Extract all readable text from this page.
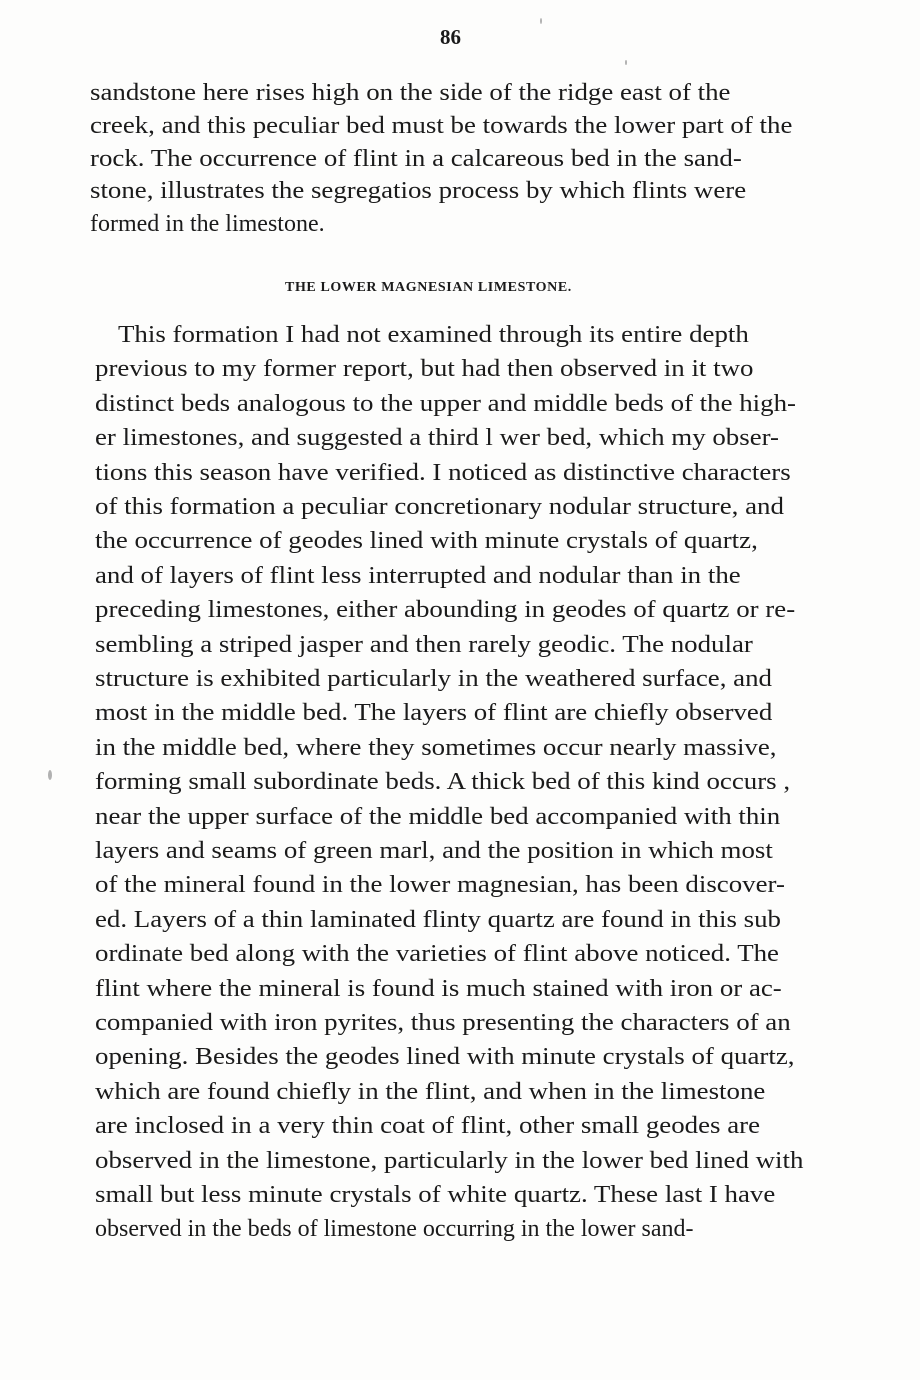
86
sandstone here rises high on the side of the ridge east of the
creek, and this peculiar bed must be towards the lower part of the
rock. The occurrence of flint in a calcareous bed in the sand-
stone, illustrates the segregatios process by which flints were
formed in the limestone.
This formation I had not examined through its entire depth
previous to my former report, but had then observed in it two
distinct beds analogous to the upper and middle beds of the high-
er limestones, and suggested a third l wer bed, which my obser-
tions this season have verified. I noticed as distinctive characters
of this formation a peculiar concretionary nodular structure, and
the occurrence of geodes lined with minute crystals of quartz,
and of layers of flint less interrupted and nodular than in the
preceding limestones, either abounding in geodes of quartz or re-
sembling a striped jasper and then rarely geodic. The nodular
structure is exhibited particularly in the weathered surface, and
most in the middle bed. The layers of flint are chiefly observed
in the middle bed, where they sometimes occur nearly massive,
forming small subordinate beds. A thick bed of this kind occurs ,
near the upper surface of the middle bed accompanied with thin
layers and seams of green marl, and the position in which most
of the mineral found in the lower magnesian, has been discover-
ed. Layers of a thin laminated flinty quartz are found in this sub
ordinate bed along with the varieties of flint above noticed. The
flint where the mineral is found is much stained with iron or ac-
companied with iron pyrites, thus presenting the characters of an
opening. Besides the geodes lined with minute crystals of quartz,
which are found chiefly in the flint, and when in the limestone
are inclosed in a very thin coat of flint, other small geodes are
observed in the limestone, particularly in the lower bed lined with
small but less minute crystals of white quartz. These last I have
observed in the beds of limestone occurring in the lower sand-
THE LOWER MAGNESIAN LIMESTONE.
